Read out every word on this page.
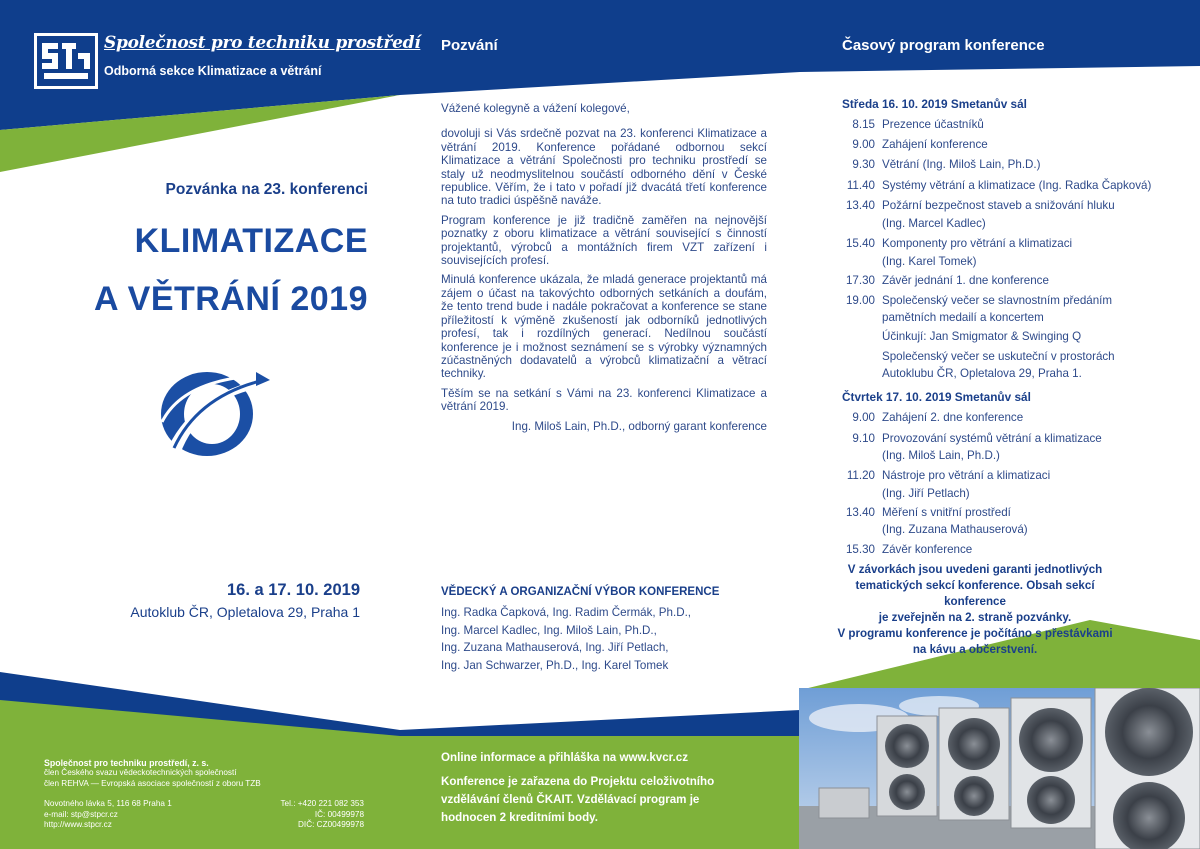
Společnost pro techniku prostředí
Odborná sekce Klimatizace a větrání
Pozvání	Časový program konference
Pozvánka na 23. konferenci
KLIMATIZACE
A VĚTRÁNÍ 2019
16. a 17. 10. 2019
Autoklub ČR, Opletalova 29, Praha 1

Vážené kolegyně a vážení kolegové,

dovoluji si Vás srdečně pozvat na 23. konferenci Klimatizace a větrání 2019. Konference pořádané odbornou sekcí Klimatizace a větrání Společnosti pro techniku prostředí se staly už neodmyslitelnou součástí odborného dění v České republice. Věřím, že i tato v pořadí již dvacátá třetí konference na tuto tradici úspěšně naváže.

Program konference je již tradičně zaměřen na nejnovější poznatky z oboru klimatizace a větrání související s činností projektantů, výrobců a montážních firem VZT zařízení i souvisejících profesí.

Minulá konference ukázala, že mladá generace projektantů má zájem o účast na takovýchto odborných setkáních a doufám, že tento trend bude i nadále pokračovat a konference se stane příležitostí k výměně zkušeností jak odborníků jednotlivých profesí, tak i rozdílných generací. Nedílnou součástí konference je i možnost seznámení se s výrobky významných zúčastněných dodavatelů a výrobců klimatizační a větrací techniky.

Těším se na setkání s Vámi na 23. konferenci Klimatizace a větrání 2019.

Ing. Miloš Lain, Ph.D., odborný garant konference

VĚDECKÝ A ORGANIZAČNÍ VÝBOR KONFERENCE
Ing. Radka Čapková, Ing. Radim Čermák, Ph.D.,
Ing. Marcel Kadlec, Ing. Miloš Lain, Ph.D.,
Ing. Zuzana Mathauserová, Ing. Jiří Petlach,
Ing. Jan Schwarzer, Ph.D., Ing. Karel Tomek
Středa 16. 10. 2019 Smetanův sál
8.15 Prezence účastníků
9.00 Zahájení konference
9.30 Větrání (Ing. Miloš Lain, Ph.D.)
11.40 Systémy větrání a klimatizace (Ing. Radka Čapková)
13.40 Požární bezpečnost staveb a snižování hluku
(Ing. Marcel Kadlec)
15.40 Komponenty pro větrání a klimatizaci
(Ing. Karel Tomek)
17.30 Závěr jednání 1. dne konference
19.00 Společenský večer se slavnostním předáním
pamětních medailí a koncertem
Účinkují: Jan Smigmator & Swinging Q
Společenský večer se uskuteční v prostorách
Autoklubu ČR, Opletalova 29, Praha 1.
Čtvrtek 17. 10. 2019 Smetanův sál
9.00 Zahájení 2. dne konference
9.10 Provozování systémů větrání a klimatizace
(Ing. Miloš Lain, Ph.D.)
11.20 Nástroje pro větrání a klimatizaci
(Ing. Jiří Petlach)
13.40 Měření s vnitřní prostředí
(Ing. Zuzana Mathauserová)
15.30 Závěr konference
V závorkách jsou uvedeni garanti jednotlivých
tematických sekcí konference. Obsah sekcí konference
je zveřejněn na 2. straně pozvánky.
V programu konference je počítáno s přestávkami
na kávu a občerstvení.
Společnost pro techniku prostředí, z. s.
člen Českého svazu vědeckotechnických společností
člen REHVA — Evropská asociace společností z oboru TZB
Novotného lávka 5, 116 68 Praha 1	Tel.: +420 221 082 353
e-mail: stp@stpcr.cz	IČ: 00499978
http://www.stpcr.cz	DIČ: CZ00499978
Online informace a přihláška na www.kvcr.cz
Konference je zařazena do Projektu celoživotního
vzdělávání členů ČKAIT. Vzdělávací program je
hodnocen 2 kreditními body.
